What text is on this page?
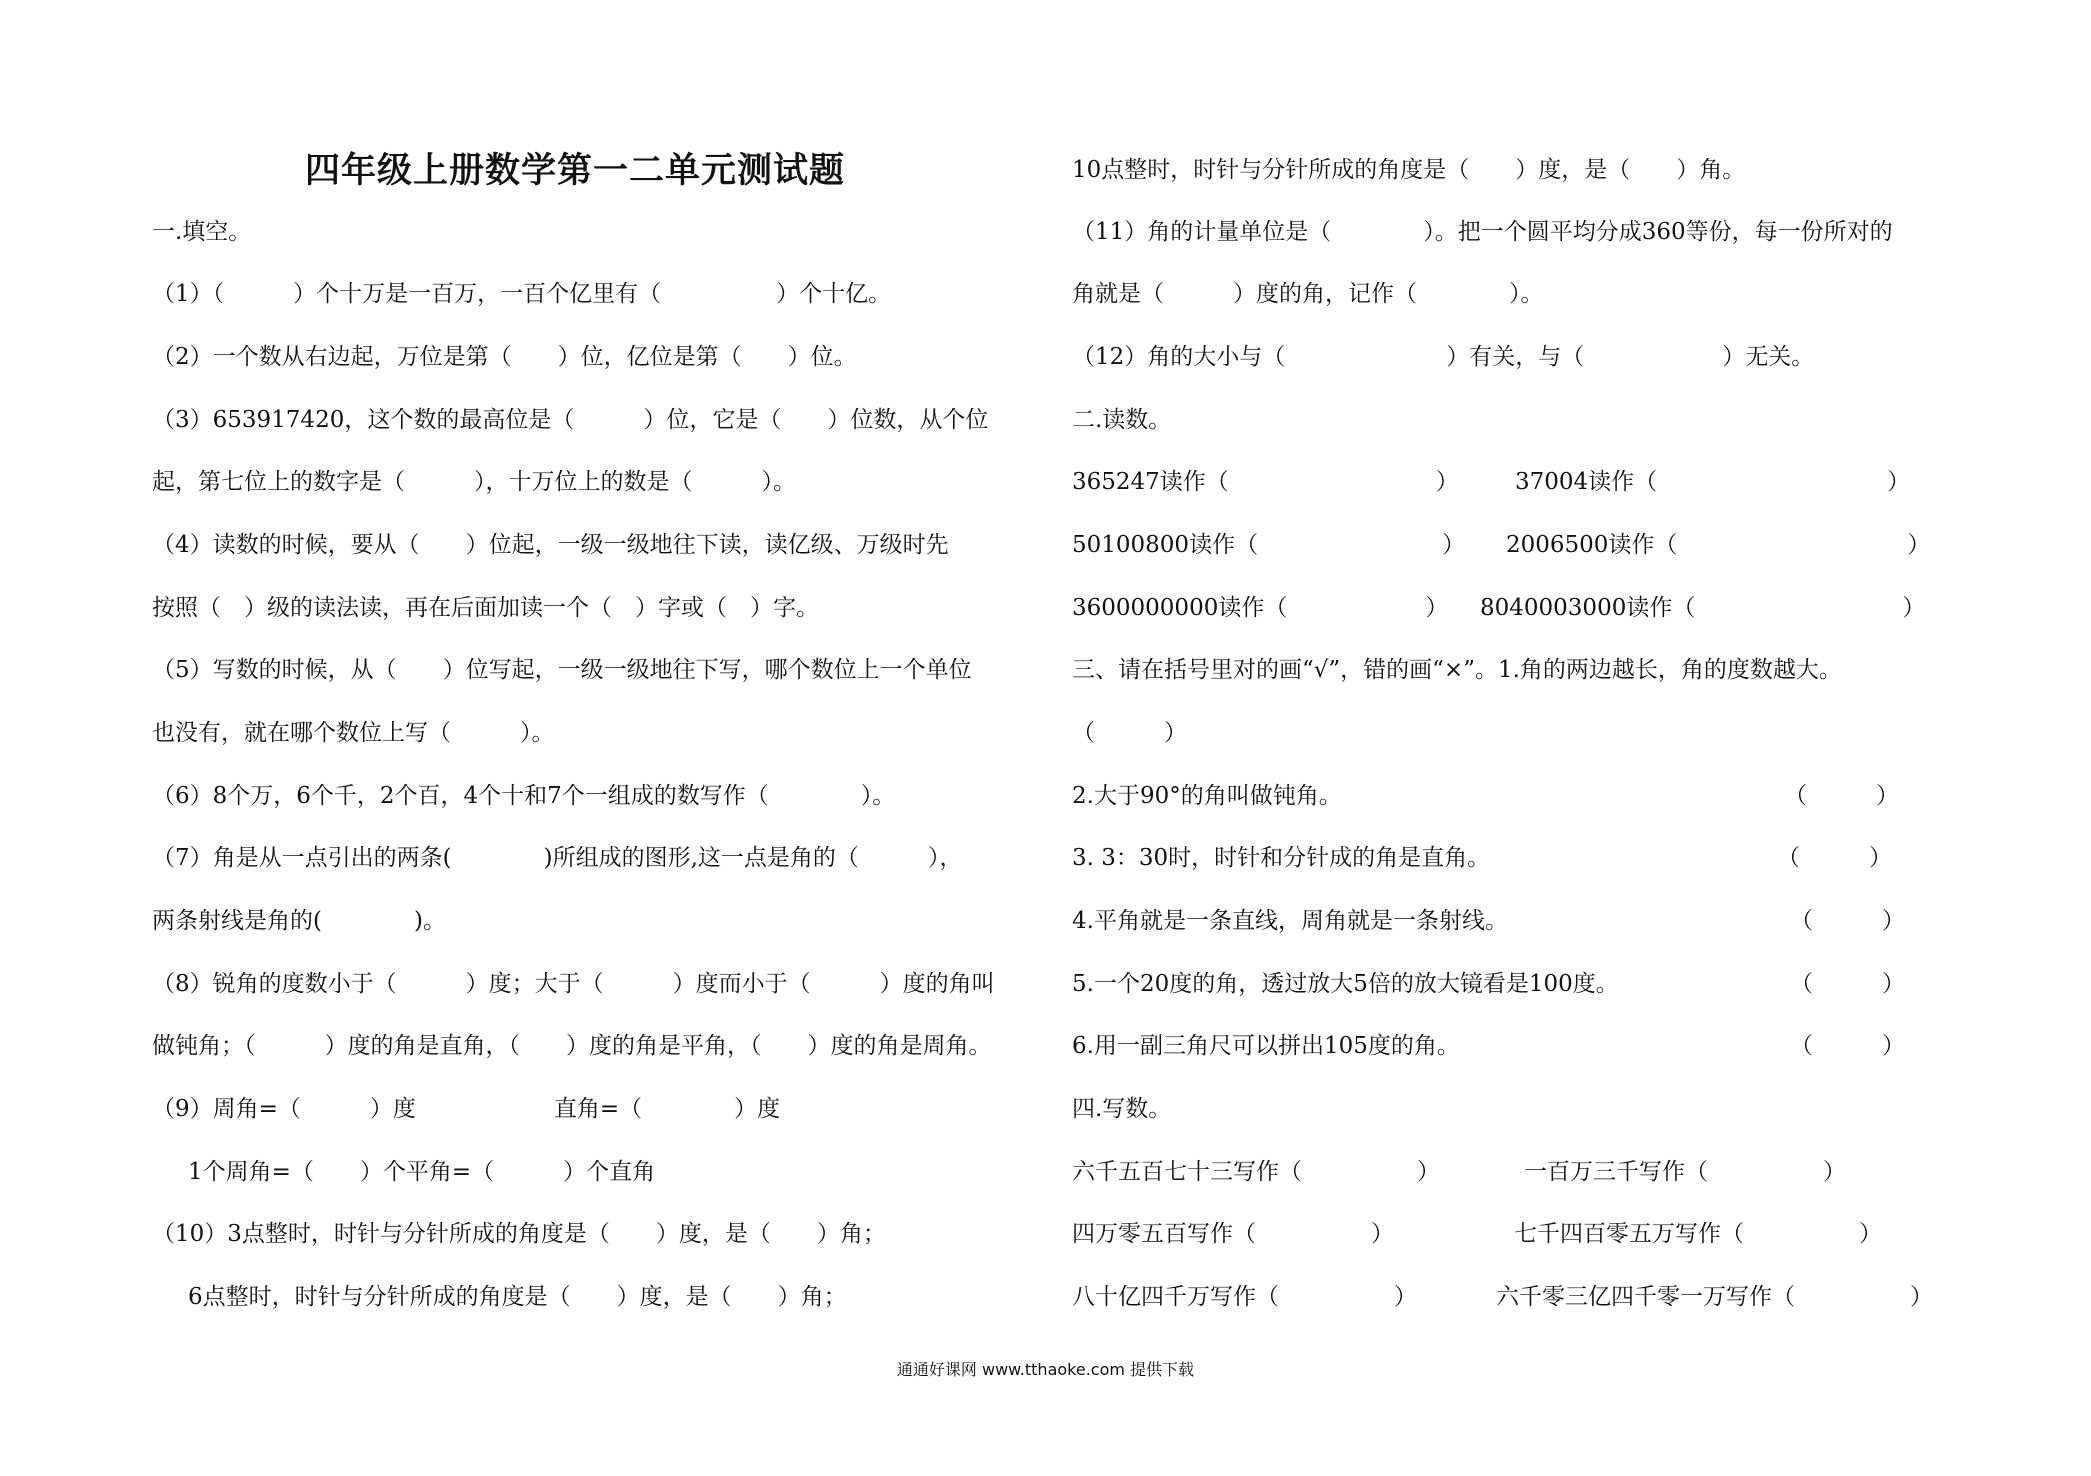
四年级上册数学第一二单元测试题
一.填空。
（1）（　　　）个十万是一百万，一百个亿里有（　　　　　）个十亿。
（2）一个数从右边起，万位是第（　　）位，亿位是第（　　）位。
（3）653917420，这个数的最高位是（　　　）位，它是（　　）位数，从个位
起，第七位上的数字是（　　　），十万位上的数是（　　　）。
（4）读数的时候，要从（　　）位起，一级一级地往下读，读亿级、万级时先
按照（　）级的读法读，再在后面加读一个（　）字或（　）字。
（5）写数的时候，从（　　）位写起，一级一级地往下写，哪个数位上一个单位
也没有，就在哪个数位上写（　　　）。
（6）8个万，6个千，2个百，4个十和7个一组成的数写作（　　　　）。
（7）角是从一点引出的两条(　　　　)所组成的图形,这一点是角的（　　　），
两条射线是角的(　　　　)。
（8）锐角的度数小于（　　　）度；大于（　　　）度而小于（　　　）度的角叫
做钝角；（　　　）度的角是直角，（　　）度的角是平角，（　　）度的角是周角。
（9）周角=（　　　）度　　　　　　直角=（　　　　）度
1个周角=（　　）个平角=（　　　）个直角
（10）3点整时，时针与分针所成的角度是（　　）度，是（　　）角；
6点整时，时针与分针所成的角度是（　　）度，是（　　）角；
10点整时，时针与分针所成的角度是（　　）度，是（　　）角。
（11）角的计量单位是（　　　　）。把一个圆平均分成360等份，每一份所对的
角就是（　　　）度的角，记作（　　　　）。
（12）角的大小与（　　　　　　　）有关，与（　　　　　　）无关。
二.读数。
365247读作（　　　　　　　　　） 37004读作（　　　　　　　　　　）
50100800读作（　　　　　　　　） 2006500读作（　　　　　　　　　　）
3600000000读作（　　　　　　） 8040003000读作（　　　　　　　　　）
三、请在括号里对的画“√”，错的画“×”。1.角的两边越长，角的度数越大。
（　　　）
2.大于90°的角叫做钝角。	（　　　）
3. 3：30时，时针和分针成的角是直角。	（　　　）
4.平角就是一条直线，周角就是一条射线。	（　　　）
5.一个20度的角，透过放大5倍的放大镜看是100度。	（　　　）
6.用一副三角尺可以拼出105度的角。	（　　　）
四.写数。
六千五百七十三写作（　　　　　）	一百万三千写作（　　　　　）
四万零五百写作（　　　　　）	七千四百零五万写作（　　　　　）
八十亿四千万写作（　　　　　）	六千零三亿四千零一万写作（　　　　　）
通通好课网 www.tthaoke.com 提供下载
